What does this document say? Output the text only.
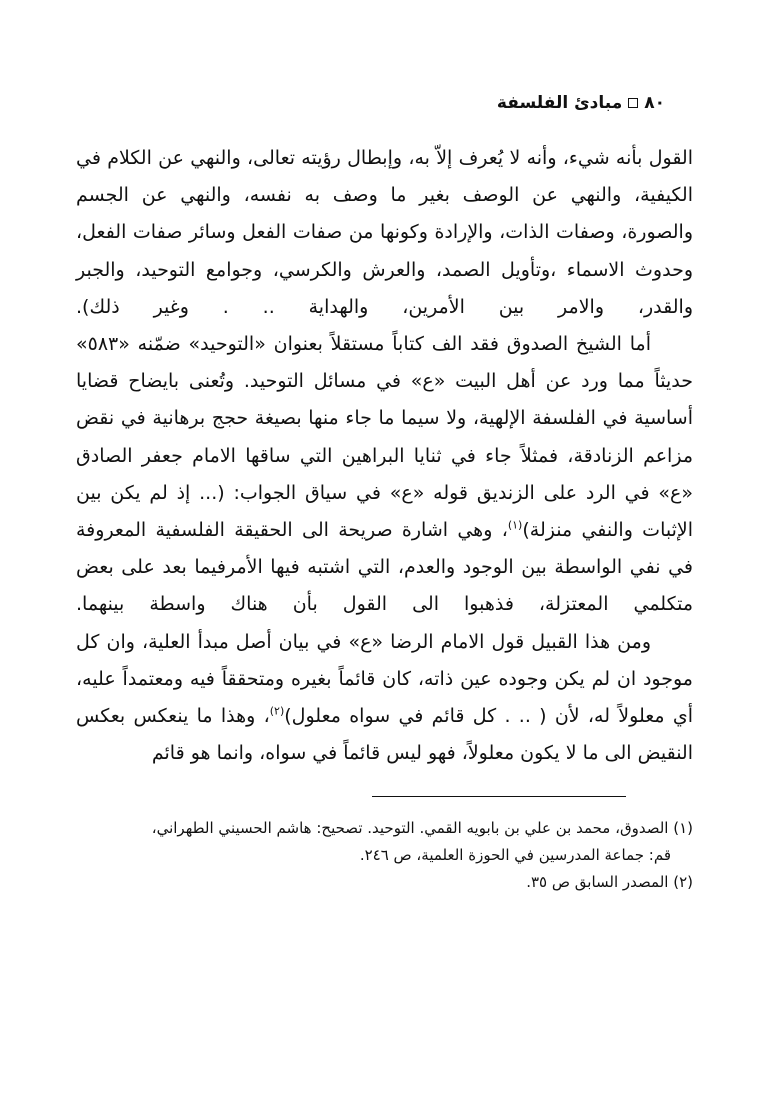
٨٠
مبادئ الفلسفة

القول بأنه شيء، وأنه لا يُعرف إلاّ به، وإبطال رؤيته تعالى، والنهي عن الكلام في الكيفية، والنهي عن الوصف بغير ما وصف به نفسه، والنهي عن الجسم والصورة، وصفات الذات، والإرادة وكونها من صفات الفعل وسائر صفات الفعل، وحدوث الاسماء ،وتأويل الصمد، والعرش والكرسي، وجوامع التوحيد، والجبر والقدر، والامر بين الأمرين، والهداية .. . وغير ذلك).

أما الشيخ الصدوق فقد الف كتاباً مستقلاً بعنوان «التوحيد» ضمّنه «٥٨٣» حديثاً مما ورد عن أهل البيت «ع» في مسائل التوحيد. وتُعنى بايضاح قضايا أساسية في الفلسفة الإلهية، ولا سيما ما جاء منها بصيغة حجج برهانية في نقض مزاعم الزنادقة، فمثلاً جاء في ثنايا البراهين التي ساقها الامام جعفر الصادق «ع» في الرد على الزنديق قوله «ع» في سياق الجواب: (... إذ لم يكن بين الإثبات والنفي منزلة)$^{(١)}$، وهي اشارة صريحة الى الحقيقة الفلسفية المعروفة في نفي الواسطة بين الوجود والعدم، التي اشتبه فيها الأمرفيما بعد على بعض متكلمي المعتزلة، فذهبوا الى القول بأن هناك واسطة بينهما.

ومن هذا القبيل قول الامام الرضا «ع» في بيان أصل مبدأ العلية، وان كل موجود ان لم يكن وجوده عين ذاته، كان قائماً بغيره ومتحققاً فيه ومعتمداً عليه، أي معلولاً له، لأن ( .. . كل قائم في سواه معلول)$^{(٢)}$، وهذا ما ينعكس بعكس النقيض الى ما لا يكون معلولاً، فهو ليس قائماً في سواه، وانما هو قائم

(١) الصدوق، محمد بن علي بن بابويه القمي. التوحيد. تصحيح: هاشم الحسيني الطهراني،

قم: جماعة المدرسين في الحوزة العلمية، ص ٢٤٦.

(٢) المصدر السابق ص ٣٥.
